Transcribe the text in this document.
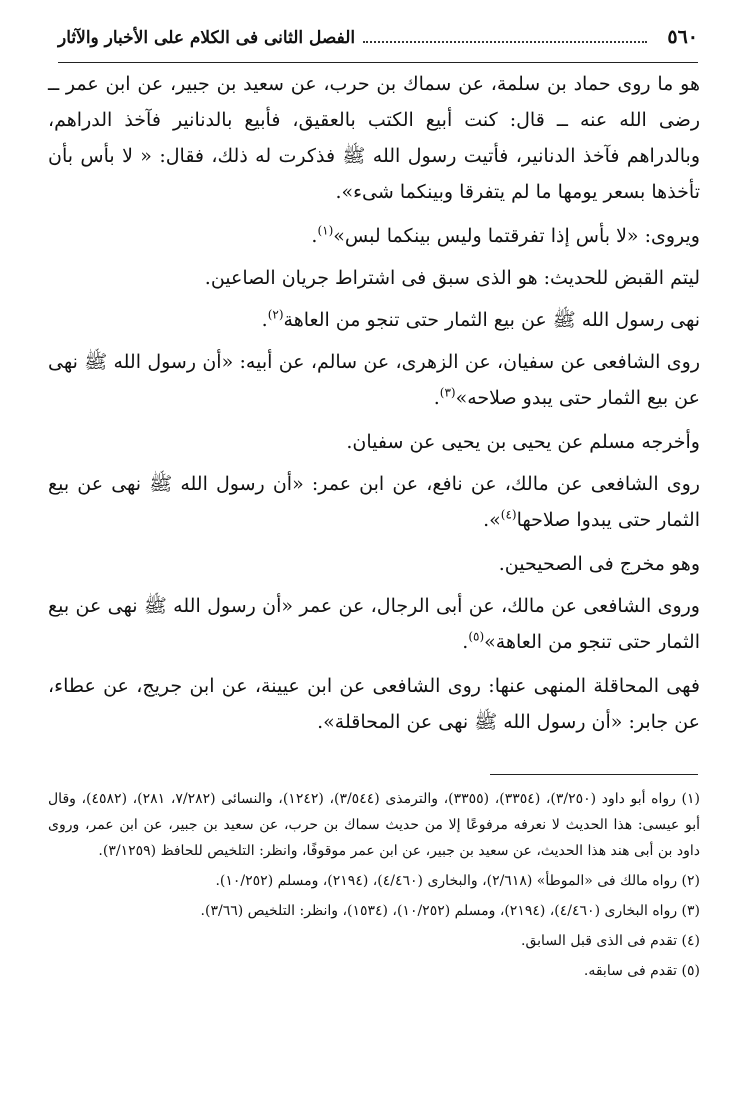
٥٦٠
الفصل الثانى فى الكلام على الأخبار والآثار

هو ما روى حماد بن سلمة، عن سماك بن حرب، عن سعيد بن جبير، عن ابن عمر ــ رضى الله عنه ــ قال: كنت أبيع الكتب بالعقيق، فأبيع بالدنانير فآخذ الدراهم، وبالدراهم فآخذ الدنانير، فأتيت رسول الله ﷺ فذكرت له ذلك، فقال: « لا بأس بأن تأخذها بسعر يومها ما لم يتفرقا وبينكما شىء».

ويروى: «لا بأس إذا تفرقتما وليس بينكما لبس»$^{(١)}$.

ليتم القبض للحديث: هو الذى سبق فى اشتراط جريان الصاعين.

نهى رسول الله ﷺ عن بيع الثمار حتى تنجو من العاهة$^{(٢)}$.

روى الشافعى عن سفيان، عن الزهرى، عن سالم، عن أبيه: «أن رسول الله ﷺ نهى عن بيع الثمار حتى يبدو صلاحه»$^{(٣)}$.

وأخرجه مسلم عن يحيى بن يحيى عن سفيان.

روى الشافعى عن مالك، عن نافع، عن ابن عمر: «أن رسول الله ﷺ نهى عن بيع الثمار حتى يبدوا صلاحها$^{(٤)}$».

وهو مخرج فى الصحيحين.

وروى الشافعى عن مالك، عن أبى الرجال، عن عمر «أن رسول الله ﷺ نهى عن بيع الثمار حتى تنجو من العاهة»$^{(٥)}$.

فهى المحاقلة المنهى عنها: روى الشافعى عن ابن عيينة، عن ابن جريج، عن عطاء، عن جابر: «أن رسول الله ﷺ نهى عن المحاقلة».

(١) رواه أبو داود (٣/٢٥٠)، (٣٣٥٤)، (٣٣٥٥)، والترمذى (٣/٥٤٤)، (١٢٤٢)، والنسائى (٧/٢٨٢، ٢٨١)، (٤٥٨٢)، وقال أبو عيسى: هذا الحديث لا نعرفه مرفوعًا إلا من حديث سماك بن حرب، عن سعيد بن جبير، عن ابن عمر، وروى داود بن أبى هند هذا الحديث، عن سعيد بن جبير، عن ابن عمر موقوفًا، وانظر: التلخيص للحافظ (٣/١٢٥٩).

(٢) رواه مالك فى «الموطأ» (٢/٦١٨)، والبخارى (٤/٤٦٠)، (٢١٩٤)، ومسلم (١٠/٢٥٢).

(٣) رواه البخارى (٤/٤٦٠)، (٢١٩٤)، ومسلم (١٠/٢٥٢)، (١٥٣٤)، وانظر: التلخيص (٣/٦٦).

(٤) تقدم فى الذى قبل السابق.

(٥) تقدم فى سابقه.
